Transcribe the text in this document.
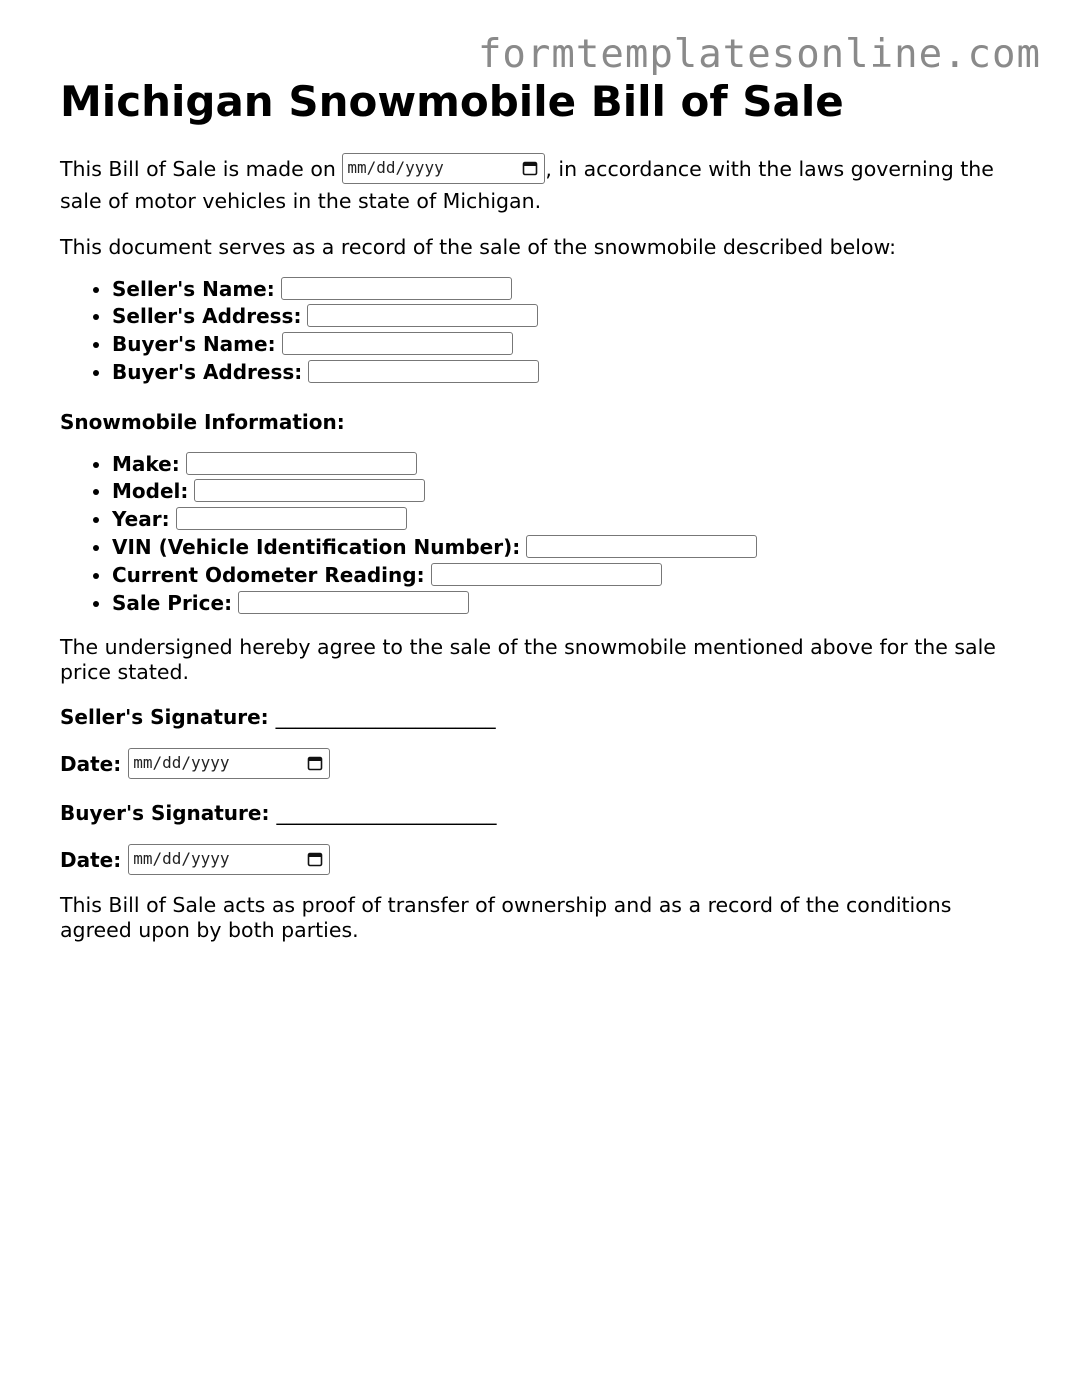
formtemplatesonline.com
Michigan Snowmobile Bill of Sale

This Bill of Sale is made on mm/dd/yyyy	, in accordance with the laws governing the sale of motor vehicles in the state of Michigan.

This document serves as a record of the sale of the snowmobile described below:

• Seller's Name:
• Seller's Address:
• Buyer's Name:
• Buyer's Address:
Snowmobile Information:
• Make:
• Model:
• Year:
• VIN (Vehicle Identification Number):
• Current Odometer Reading:
• Sale Price:

The undersigned hereby agree to the sale of the snowmobile mentioned above for the sale price stated.

Seller's Signature: ______________________
Date: mm/dd/yyyy
Buyer's Signature: ______________________
Date: mm/dd/yyyy

This Bill of Sale acts as proof of transfer of ownership and as a record of the conditions agreed upon by both parties.
